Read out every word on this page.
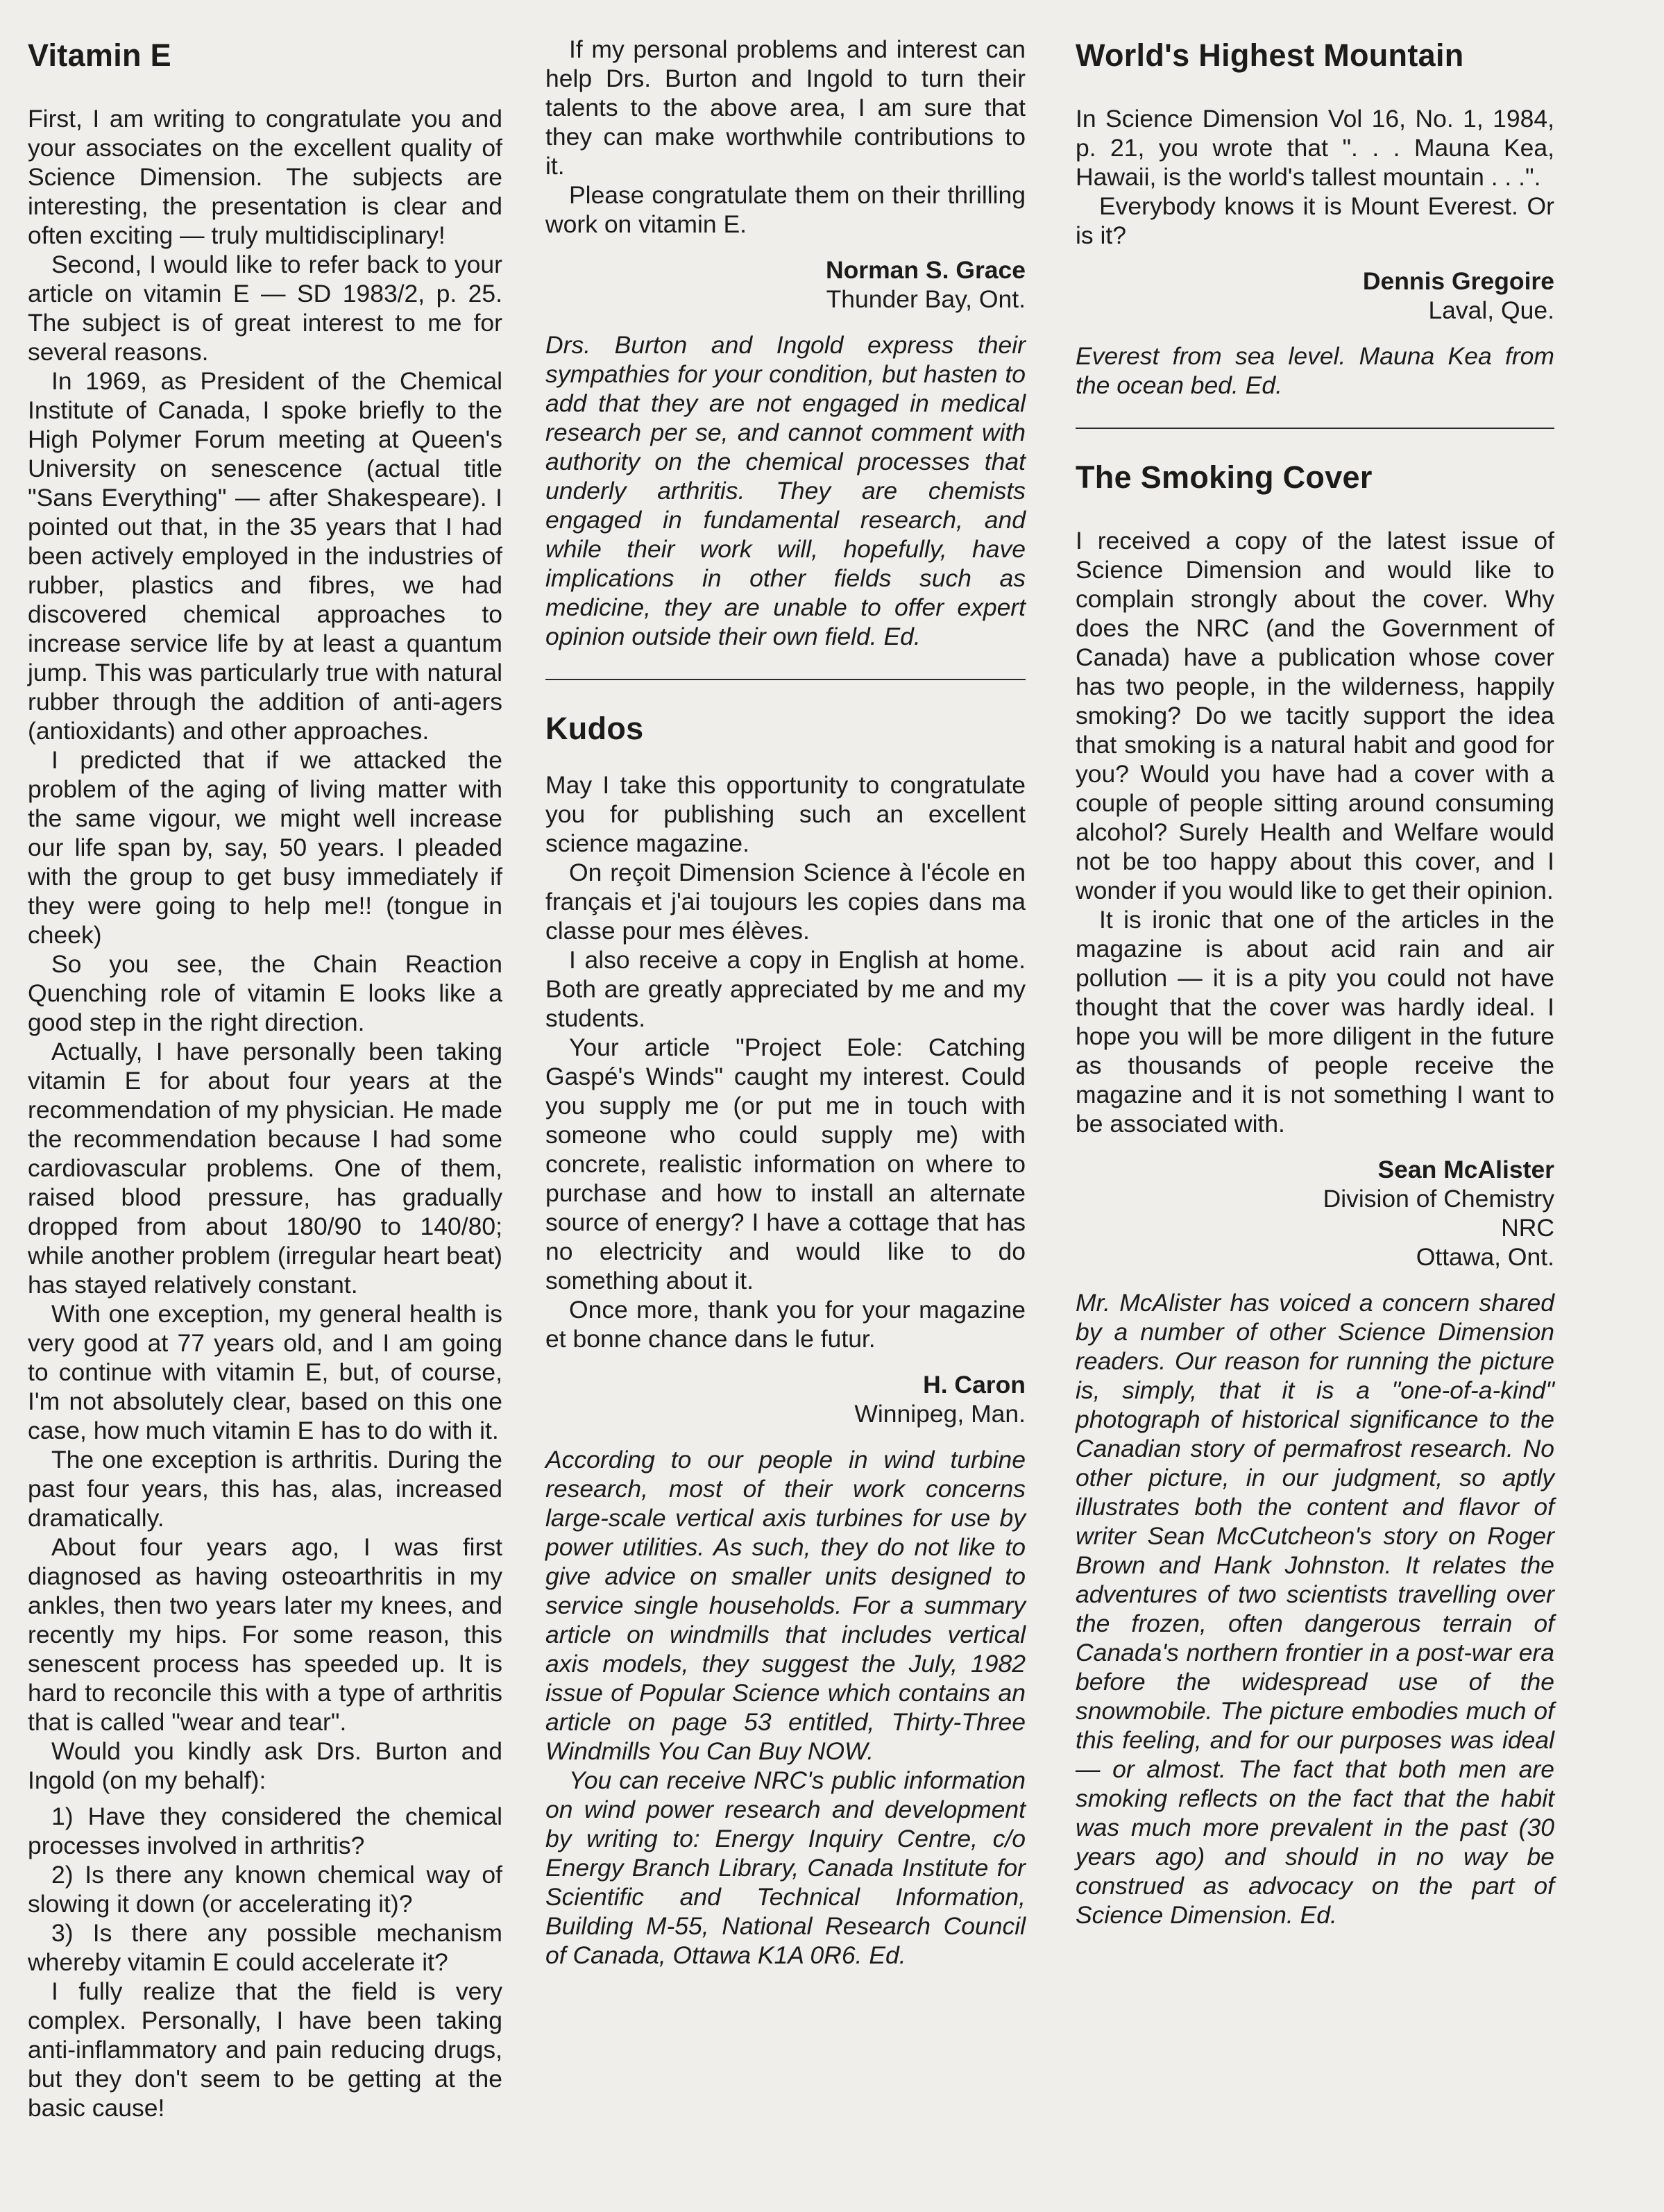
Vitamin E

First, I am writing to congratulate you and your associates on the excellent quality of Science Dimension. The subjects are interesting, the presentation is clear and often exciting — truly multidisciplinary!

Second, I would like to refer back to your article on vitamin E — SD 1983/2, p. 25. The subject is of great interest to me for several reasons.

In 1969, as President of the Chemical Institute of Canada, I spoke briefly to the High Polymer Forum meeting at Queen's University on senescence (actual title "Sans Everything" — after Shakespeare). I pointed out that, in the 35 years that I had been actively employed in the industries of rubber, plastics and fibres, we had discovered chemical approaches to increase service life by at least a quantum jump. This was particularly true with natural rubber through the addition of anti-agers (antioxidants) and other approaches.

I predicted that if we attacked the problem of the aging of living matter with the same vigour, we might well increase our life span by, say, 50 years. I pleaded with the group to get busy immediately if they were going to help me!! (tongue in cheek)

So you see, the Chain Reaction Quenching role of vitamin E looks like a good step in the right direction.

Actually, I have personally been taking vitamin E for about four years at the recommendation of my physician. He made the recommendation because I had some cardiovascular problems. One of them, raised blood pressure, has gradually dropped from about 180/90 to 140/80; while another problem (irregular heart beat) has stayed relatively constant.

With one exception, my general health is very good at 77 years old, and I am going to continue with vitamin E, but, of course, I'm not absolutely clear, based on this one case, how much vitamin E has to do with it.

The one exception is arthritis. During the past four years, this has, alas, increased dramatically.

About four years ago, I was first diagnosed as having osteoarthritis in my ankles, then two years later my knees, and recently my hips. For some reason, this senescent process has speeded up. It is hard to reconcile this with a type of arthritis that is called "wear and tear".

Would you kindly ask Drs. Burton and Ingold (on my behalf):

1) Have they considered the chemical processes involved in arthritis?

2) Is there any known chemical way of slowing it down (or accelerating it)?

3) Is there any possible mechanism whereby vitamin E could accelerate it?

I fully realize that the field is very complex. Personally, I have been taking anti-inflammatory and pain reducing drugs, but they don't seem to be getting at the basic cause!

If my personal problems and interest can help Drs. Burton and Ingold to turn their talents to the above area, I am sure that they can make worthwhile contributions to it.

Please congratulate them on their thrilling work on vitamin E.

Norman S. Grace
Thunder Bay, Ont.

Drs. Burton and Ingold express their sympathies for your condition, but hasten to add that they are not engaged in medical research per se, and cannot comment with authority on the chemical processes that underly arthritis. They are chemists engaged in fundamental research, and while their work will, hopefully, have implications in other fields such as medicine, they are unable to offer expert opinion outside their own field. Ed.

Kudos

May I take this opportunity to congratulate you for publishing such an excellent science magazine.

On reçoit Dimension Science à l'école en français et j'ai toujours les copies dans ma classe pour mes élèves.

I also receive a copy in English at home. Both are greatly appreciated by me and my students.

Your article "Project Eole: Catching Gaspé's Winds" caught my interest. Could you supply me (or put me in touch with someone who could supply me) with concrete, realistic information on where to purchase and how to install an alternate source of energy? I have a cottage that has no electricity and would like to do something about it.

Once more, thank you for your magazine et bonne chance dans le futur.

H. Caron
Winnipeg, Man.

According to our people in wind turbine research, most of their work concerns large-scale vertical axis turbines for use by power utilities. As such, they do not like to give advice on smaller units designed to service single households. For a summary article on windmills that includes vertical axis models, they suggest the July, 1982 issue of Popular Science which contains an article on page 53 entitled, Thirty-Three Windmills You Can Buy NOW.

You can receive NRC's public information on wind power research and development by writing to: Energy Inquiry Centre, c/o Energy Branch Library, Canada Institute for Scientific and Technical Information, Building M-55, National Research Council of Canada, Ottawa K1A 0R6. Ed.

World's Highest Mountain

In Science Dimension Vol 16, No. 1, 1984, p. 21, you wrote that ". . . Mauna Kea, Hawaii, is the world's tallest mountain . . .".

Everybody knows it is Mount Everest. Or is it?

Dennis Gregoire
Laval, Que.

Everest from sea level. Mauna Kea from the ocean bed. Ed.

The Smoking Cover

I received a copy of the latest issue of Science Dimension and would like to complain strongly about the cover. Why does the NRC (and the Government of Canada) have a publication whose cover has two people, in the wilderness, happily smoking? Do we tacitly support the idea that smoking is a natural habit and good for you? Would you have had a cover with a couple of people sitting around consuming alcohol? Surely Health and Welfare would not be too happy about this cover, and I wonder if you would like to get their opinion.

It is ironic that one of the articles in the magazine is about acid rain and air pollution — it is a pity you could not have thought that the cover was hardly ideal. I hope you will be more diligent in the future as thousands of people receive the magazine and it is not something I want to be associated with.

Sean McAlister
Division of Chemistry
NRC
Ottawa, Ont.

Mr. McAlister has voiced a concern shared by a number of other Science Dimension readers. Our reason for running the picture is, simply, that it is a "one-of-a-kind" photograph of historical significance to the Canadian story of permafrost research. No other picture, in our judgment, so aptly illustrates both the content and flavor of writer Sean McCutcheon's story on Roger Brown and Hank Johnston. It relates the adventures of two scientists travelling over the frozen, often dangerous terrain of Canada's northern frontier in a post-war era before the widespread use of the snowmobile. The picture embodies much of this feeling, and for our purposes was ideal — or almost. The fact that both men are smoking reflects on the fact that the habit was much more prevalent in the past (30 years ago) and should in no way be construed as advocacy on the part of Science Dimension. Ed.
